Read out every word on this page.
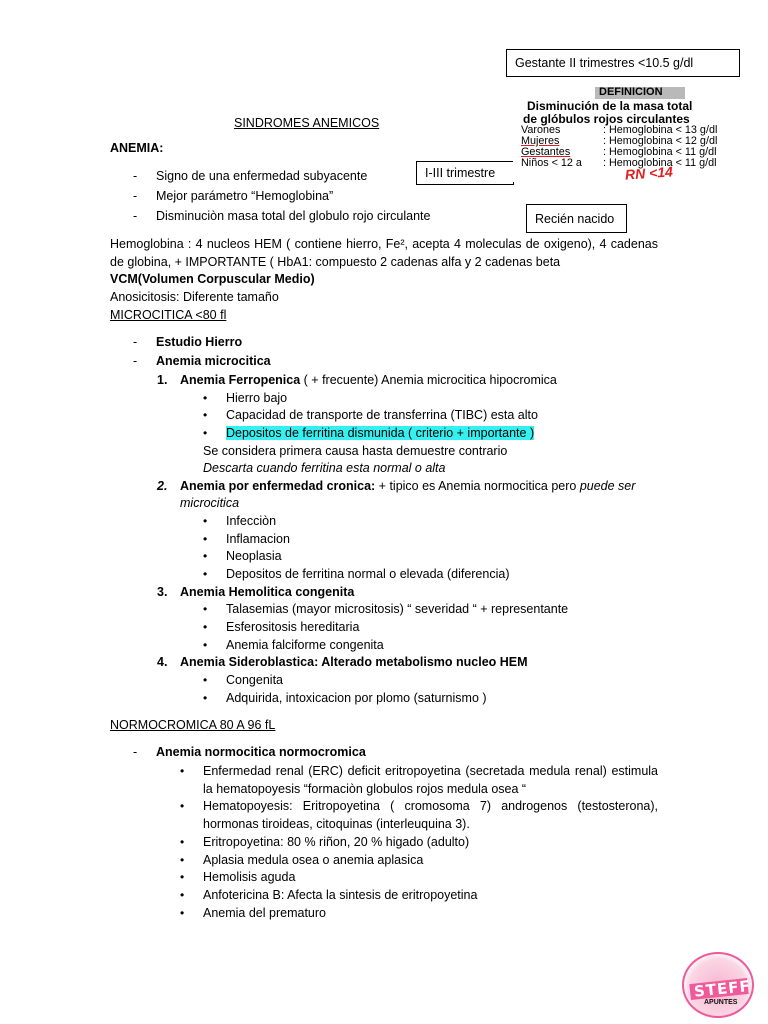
Gestante II trimestres <10.5 g/dl
I-III trimestre
Recién nacido
DEFINICION
Disminución de la masa total
de glóbulos rojos circulantes
Varones	: Hemoglobina < 13 g/dl
Mujeres	: Hemoglobina < 12 g/dl
Gestantes	: Hemoglobina < 11 g/dl
Niños < 12 a : Hemoglobina < 11 g/dl
RN <14
SINDROMES ANEMICOS
ANEMIA:
- Signo de una enfermedad subyacente
- Mejor parámetro “Hemoglobina”
- Disminuciòn masa total del globulo rojo circulante
Hemoglobina : 4 nucleos HEM ( contiene hierro, Fe², acepta 4 moleculas de oxigeno), 4 cadenas de globina, + IMPORTANTE ( HbA1: compuesto 2 cadenas alfa y 2 cadenas beta
VCM(Volumen Corpuscular Medio)
Anosicitosis: Diferente tamaño
MICROCITICA <80 fl
- Estudio Hierro
- Anemia microcitica
1. Anemia Ferropenica ( + frecuente) Anemia microcitica hipocromica
• Hierro bajo
• Capacidad de transporte de transferrina (TIBC) esta alto
• Depositos de ferritina dismunida ( criterio + importante )
Se considera primera causa hasta demuestre contrario
Descarta cuando ferritina esta normal o alta
2. Anemia por enfermedad cronica: + tipico es Anemia normocitica pero puede ser
microcitica
• Infecciòn
• Inflamacion
• Neoplasia
• Depositos de ferritina normal o elevada (diferencia)
3. Anemia Hemolitica congenita
• Talasemias (mayor micrositosis) “ severidad “ + representante
• Esferositosis hereditaria
• Anemia falciforme congenita
4. Anemia Sideroblastica: Alterado metabolismo nucleo HEM
• Congenita
• Adquirida, intoxicacion por plomo (saturnismo )
NORMOCROMICA 80 A 96 fL
- Anemia normocitica normocromica
• Enfermedad renal (ERC) deficit eritropoyetina (secretada medula renal) estimula la hematopoyesis “formaciòn globulos rojos medula osea “
• Hematopoyesis: Eritropoyetina ( cromosoma 7) androgenos (testosterona), hormonas tiroideas, citoquinas (interleuquina 3).
• Eritropoyetina: 80 % riñon, 20 % higado (adulto)
• Aplasia medula osea o anemia aplasica
• Hemolisis aguda
• Anfotericina B: Afecta la sintesis de eritropoyetina
• Anemia del prematuro
STEFF
APUNTES
